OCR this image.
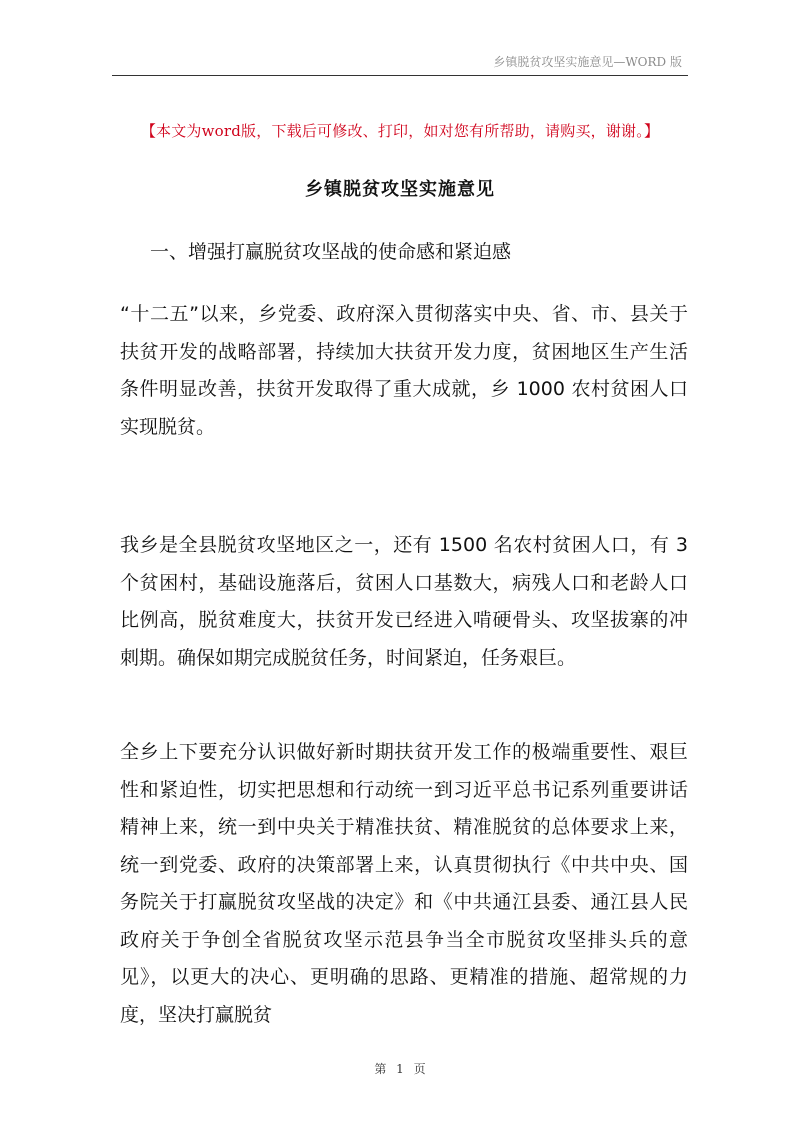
乡镇脱贫攻坚实施意见—WORD 版
【本文为word版，下载后可修改、打印，如对您有所帮助，请购买，谢谢。】
乡镇脱贫攻坚实施意见
一、增强打赢脱贫攻坚战的使命感和紧迫感
“十二五”以来，乡党委、政府深入贯彻落实中央、省、市、县关于扶贫开发的战略部署，持续加大扶贫开发力度，贫困地区生产生活条件明显改善，扶贫开发取得了重大成就，乡 1000 农村贫困人口实现脱贫。
我乡是全县脱贫攻坚地区之一，还有 1500 名农村贫困人口，有 3 个贫困村，基础设施落后，贫困人口基数大，病残人口和老龄人口比例高，脱贫难度大，扶贫开发已经进入啃硬骨头、攻坚拔寨的冲刺期。确保如期完成脱贫任务，时间紧迫，任务艰巨。
全乡上下要充分认识做好新时期扶贫开发工作的极端重要性、艰巨性和紧迫性，切实把思想和行动统一到习近平总书记系列重要讲话精神上来，统一到中央关于精准扶贫、精准脱贫的总体要求上来，统一到党委、政府的决策部署上来，认真贯彻执行《中共中央、国务院关于打赢脱贫攻坚战的决定》和《中共通江县委、通江县人民政府关于争创全省脱贫攻坚示范县争当全市脱贫攻坚排头兵的意见》，以更大的决心、更明确的思路、更精准的措施、超常规的力度，坚决打赢脱贫
第 1 页
